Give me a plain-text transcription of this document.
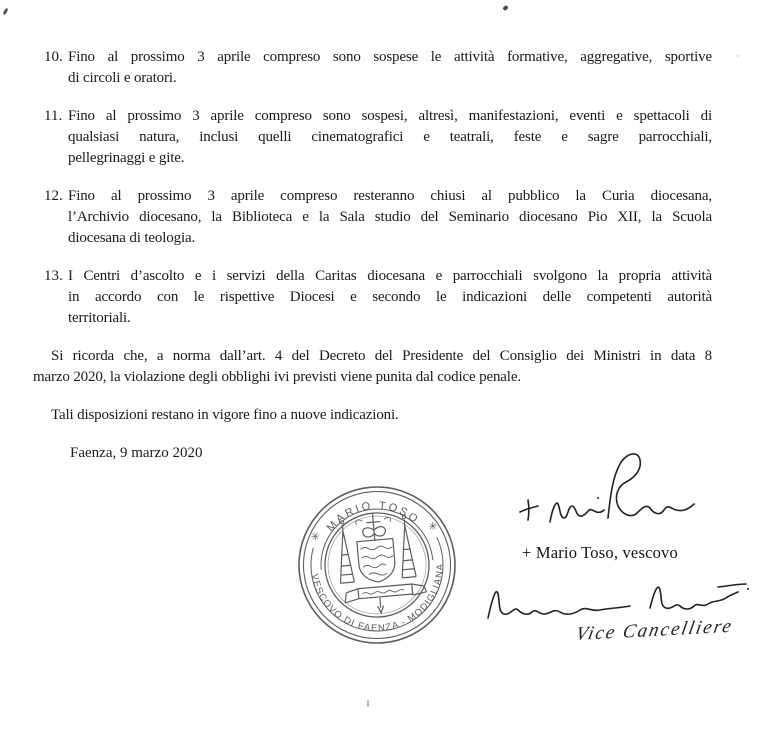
10. Fino al prossimo 3 aprile compreso sono sospese le attività formative, aggregative, sportive
di circoli e oratori.
11. Fino al prossimo 3 aprile compreso sono sospesi, altresì, manifestazioni, eventi e spettacoli di
qualsiasi natura, inclusi quelli cinematografici e teatrali, feste e sagre parrocchiali,
pellegrinaggi e gite.
12. Fino al prossimo 3 aprile compreso resteranno chiusi al pubblico la Curia diocesana,
l’Archivio diocesano, la Biblioteca e la Sala studio del Seminario diocesano Pio XII, la Scuola
diocesana di teologia.
13. I Centri d’ascolto e i servizi della Caritas diocesana e parrocchiali svolgono la propria attività
in accordo con le rispettive Diocesi e secondo le indicazioni delle competenti autorità
territoriali.
Si ricorda che, a norma dall’art. 4 del Decreto del Presidente del Consiglio dei Ministri in data 8
marzo 2020, la violazione degli obblighi ivi previsti viene punita dal codice penale.
Tali disposizioni restano in vigore fino a nuove indicazioni.
Faenza, 9 marzo 2020
MARIO TOSO
VESCOVO DI FAENZA - MODIGLIANA
✳
✳
+ Mario Toso, vescovo
Vice Cancelliere
